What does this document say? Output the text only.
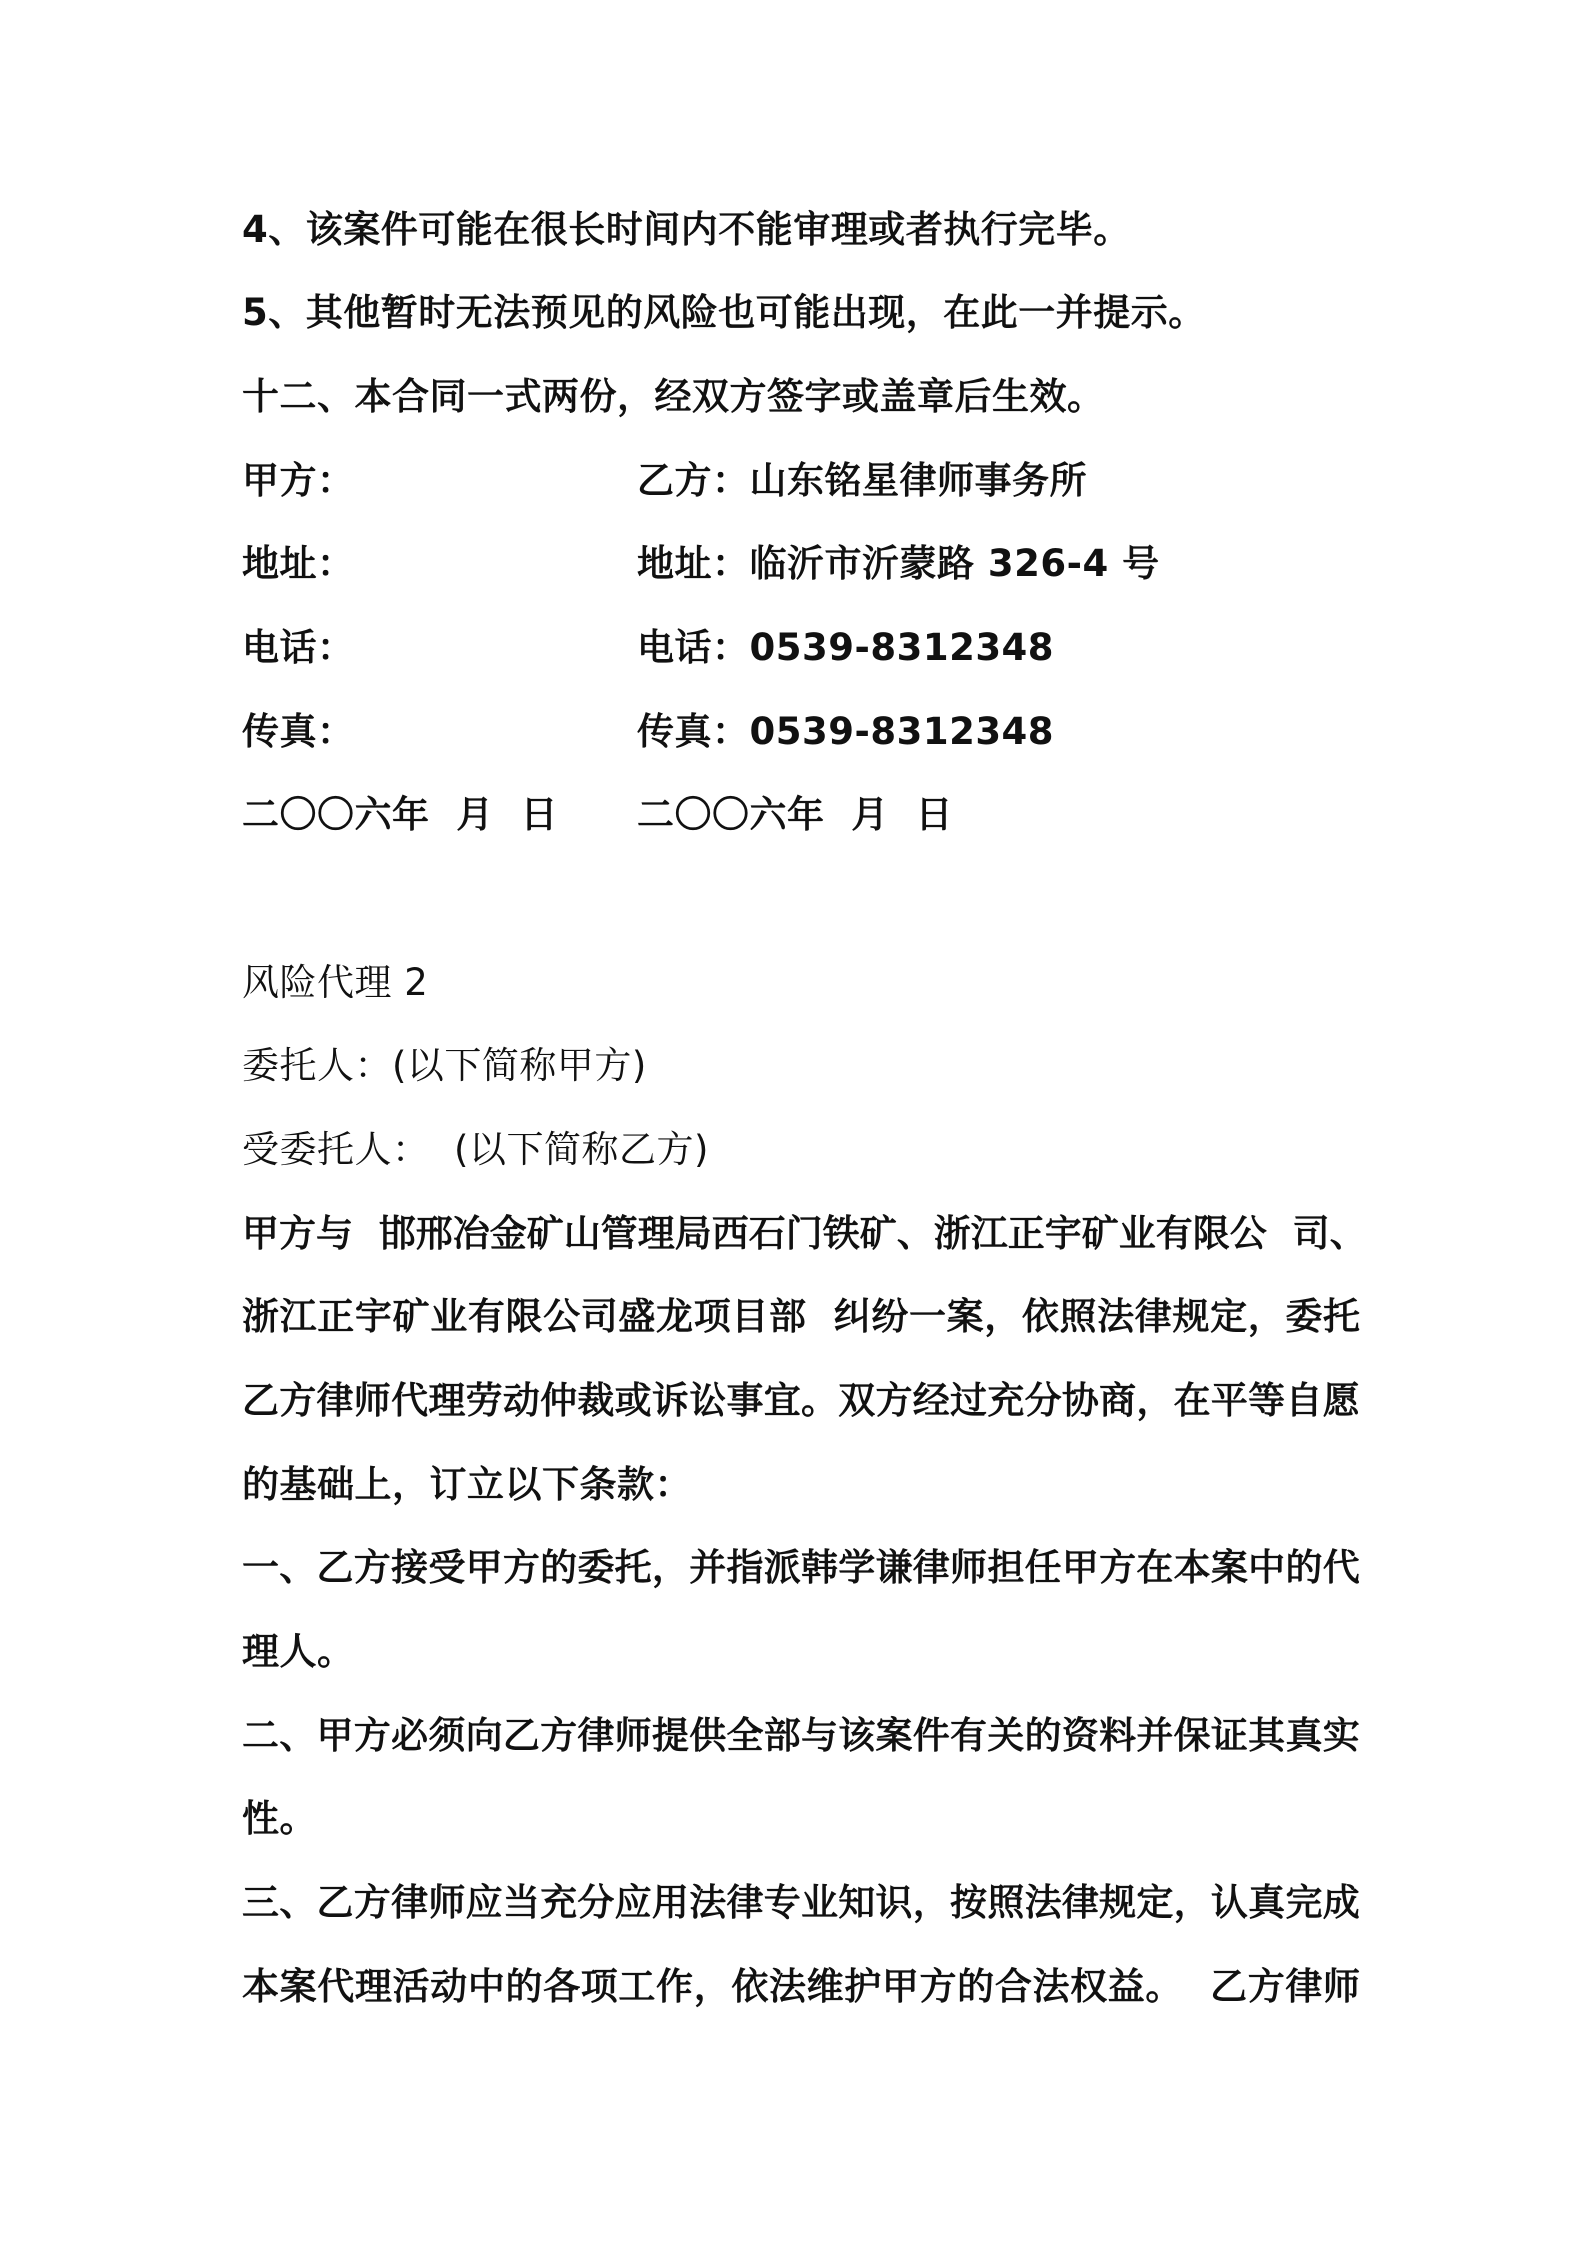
4、该案件可能在很长时间内不能审理或者执行完毕。
5、其他暂时无法预见的风险也可能出现，在此一并提示。
十二、本合同一式两份，经双方签字或盖章后生效。
甲方：	乙方：山东铭星律师事务所
地址：	地址：临沂市沂蒙路 326-4 号
电话：	电话：0539-8312348
传真：	传真：0539-8312348
二〇〇六年  月  日 二〇〇六年  月  日
风险代理 2
委托人：(以下简称甲方)
受委托人：  (以下简称乙方)
甲 方 与

邯 邢 冶 金 矿 山 管 理 局 西 石 门 铁 矿 、 浙 江 正 宇 矿 业 有 限 公

司 、
浙 江 正 宇 矿 业 有 限 公 司 盛 龙 项 目 部

纠 纷 一 案 ， 依 照 法 律 规 定 ， 委 托
乙 方 律 师 代 理 劳 动 仲 裁 或 诉 讼 事 宜 。 双 方 经 过 充 分 协 商 ， 在 平 等 自 愿
的基础上，订立以下条款：
一 、 乙 方 接 受 甲 方 的 委 托 ， 并 指 派 韩 学 谦 律 师 担 任 甲 方 在 本 案 中 的 代
理人。
二 、 甲 方 必 须 向 乙 方 律 师 提 供 全 部 与 该 案 件 有 关 的 资 料 并 保 证 其 真 实
性。
三 、 乙 方 律 师 应 当 充 分 应 用 法 律 专 业 知 识 ， 按 照 法 律 规 定 ， 认 真 完 成
本 案 代 理 活 动 中 的 各 项 工 作 ， 依 法 维 护 甲 方 的 合 法 权 益 。

乙 方 律 师
